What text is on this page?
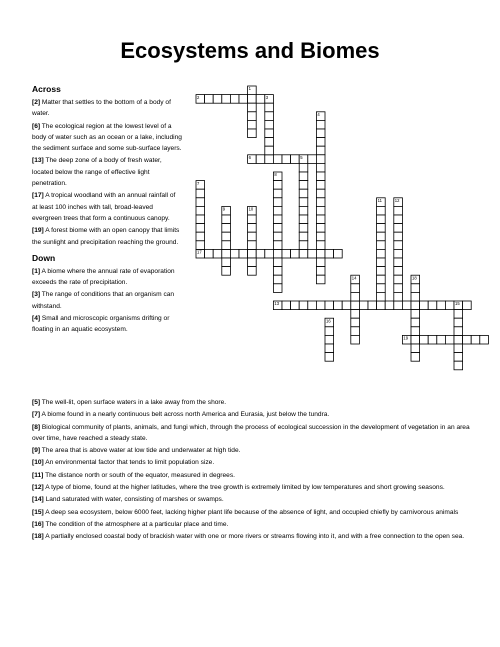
Ecosystems and Biomes
Across
[2] Matter that settles to the bottom of a body of water.
[6] The ecological region at the lowest level of a body of water such as an ocean or a lake, including the sediment surface and some sub-surface layers.
[13] The deep zone of a body of fresh water, located below the range of effective light penetration.
[17] A tropical woodland with an annual rainfall of at least 100 inches with tall, broad-leaved evergreen trees that form a continuous canopy.
[19] A forest biome with an open canopy that limits the sunlight and precipitation reaching the ground.
Down
[1] A biome where the annual rate of evaporation exceeds the rate of precipitation.
[3] The range of conditions that an organism can withstand.
[4] Small and microscopic organisms drifting or floating in an aquatic ecosystem.
[5] The well-lit, open surface waters in a lake away from the shore.
[7] A biome found in a nearly continuous belt across north America and Eurasia, just below the tundra.
[8] Biological community of plants, animals, and fungi which, through the process of ecological succession in the development of vegetation in an area over time, have reached a steady state.
[9] The area that is above water at low tide and underwater at high tide.
[10] An environmental factor that tends to limit population size.
[11] The distance north or south of the equator, measured in degrees.
[12] A type of biome, found at the higher latitudes, where the tree growth is extremely limited by low temperatures and short growing seasons.
[14] Land saturated with water, consisting of marshes or swamps.
[15] A deep sea ecosystem, below 6000 feet, lacking higher plant life because of the absence of light, and occupied chiefly by carnivorous animals
[16] The condition of the atmosphere at a particular place and time.
[18] A partially enclosed coastal body of brackish water with one or more rivers or streams flowing into it, and with a free connection to the open sea.
1
2	3
4
5
6
7
8
9	10
11	12
13
14
15
16
17
18
19
